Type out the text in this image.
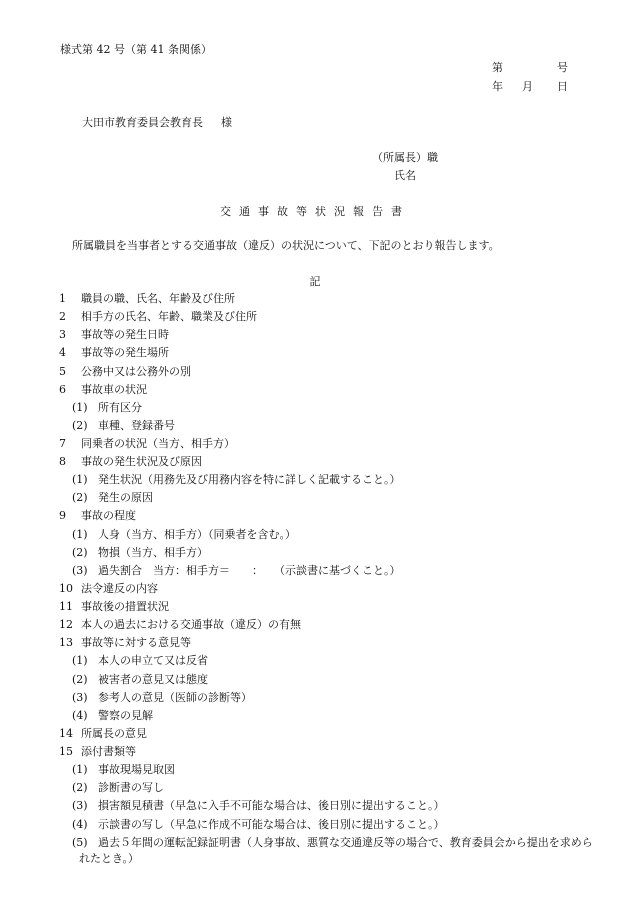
様式第 42 号（第 41 条関係）
第	号
年 月 日
大田市教育委員会教育長 様
（所属長）職
氏名
交通事故等状況報告書
所属職員を当事者とする交通事故（違反）の状況について、下記のとおり報告します。
記
1 職員の職、氏名、年齢及び住所
2 相手方の氏名、年齢、職業及び住所
3 事故等の発生日時
4 事故等の発生場所
5 公務中又は公務外の別
6 事故車の状況
(1) 所有区分
(2) 車種、登録番号
7 同乗者の状況（当方、相手方）
8 事故の発生状況及び原因
(1) 発生状況（用務先及び用務内容を特に詳しく記載すること。）
(2) 発生の原因
9 事故の程度
(1) 人身（当方、相手方）（同乗者を含む。）
(2) 物損（当方、相手方）
(3) 過失割合　当方：相手方＝　　：　　（示談書に基づくこと。）
10 法令違反の内容
11 事故後の措置状況
12 本人の過去における交通事故（違反）の有無
13 事故等に対する意見等
(1) 本人の申立て又は反省
(2) 被害者の意見又は態度
(3) 参考人の意見（医師の診断等）
(4) 警察の見解
14 所属長の意見
15 添付書類等
(1) 事故現場見取図
(2) 診断書の写し
(3) 損害額見積書（早急に入手不可能な場合は、後日別に提出すること。）
(4) 示談書の写し（早急に作成不可能な場合は、後日別に提出すること。）
(5) 過去５年間の運転記録証明書（人身事故、悪質な交通違反等の場合で、教育委員会から提出を求めら
れたとき。）
